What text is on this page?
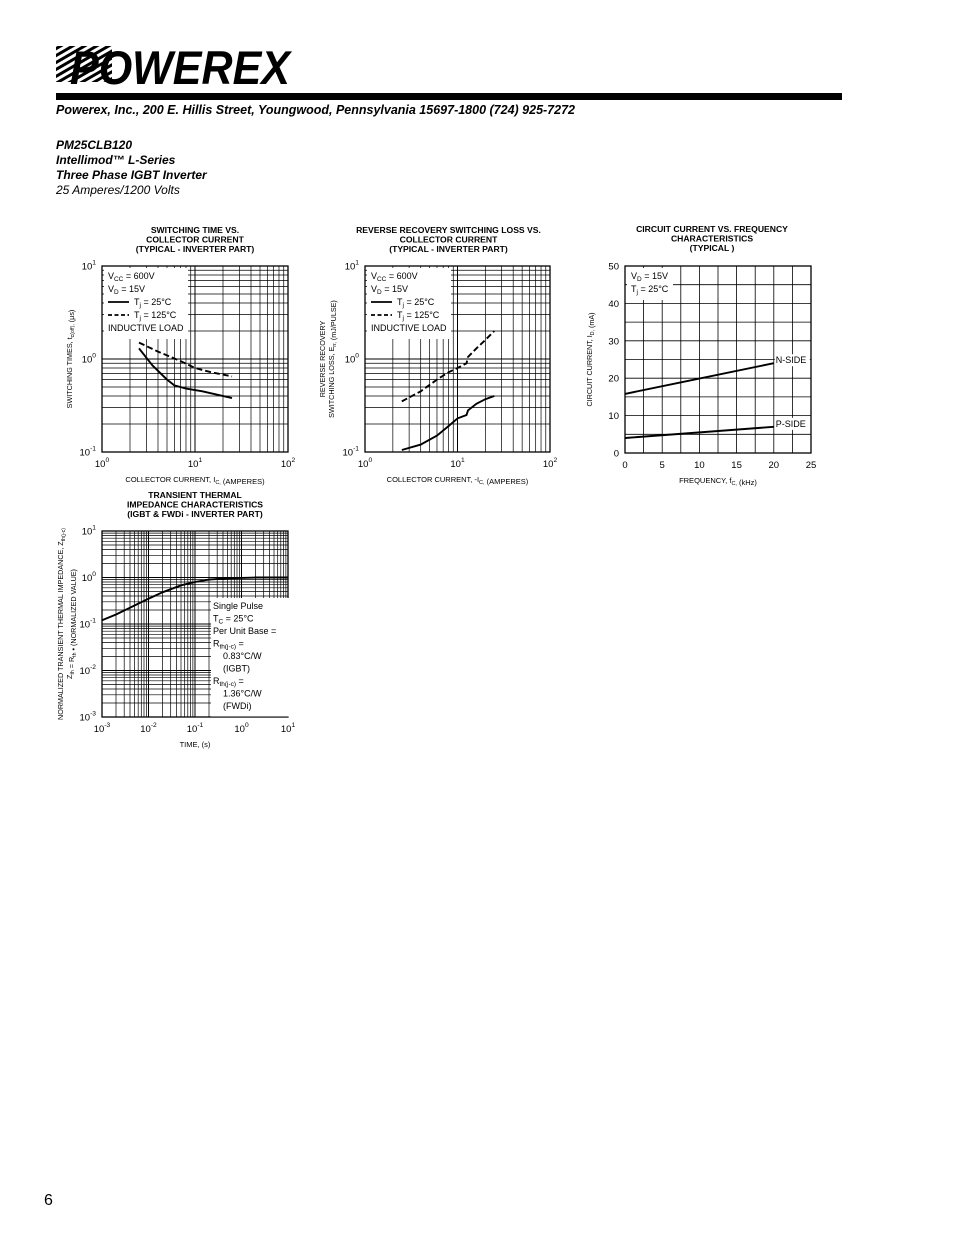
POWEREX
Powerex, Inc., 200 E. Hillis Street, Youngwood, Pennsylvania 15697-1800 (724) 925-7272
PM25CLB120
Intellimod™ L-Series
Three Phase IGBT Inverter
25 Amperes/1200 Volts
SWITCHING TIME VS.
COLLECTOR CURRENT
(TYPICAL - INVERTER PART)
$10^0$	$10^1$	$10^2$
$10^{-1}$
$10^0$
$10^1$
COLLECTOR CURRENT, $I_{C,}$ (AMPERES)
SWITCHING TIMES, $t_{c(off),}$ (μs)
$V_{CC} = 600V$
$V_D = 15V$
$T_j = 25^\circ C$
$T_j = 125^\circ C$
INDUCTIVE LOAD
REVERSE RECOVERY SWITCHING LOSS VS.
COLLECTOR CURRENT
(TYPICAL - INVERTER PART)
$10^0$	$10^1$	$10^2$
$10^{-1}$
$10^0$
$10^1$
COLLECTOR CURRENT, $-I_{C,}$ (AMPERES)
REVERSE RECOVERY SWITCHING LOSS, $E_{rr,}$ (mJ/PULSE)
$V_{CC} = 600V$
$V_D = 15V$
$T_j = 25^\circ C$
$T_j = 125^\circ C$
INDUCTIVE LOAD
CIRCUIT CURRENT VS. FREQUENCY
CHARACTERISTICS
(TYPICAL )
0	5	10	15	20	25
0
10
20
30
40
50
FREQUENCY, $f_{C,}$ (kHz)
CIRCUIT CURRENT, $I_{D,}$ (mA)
$V_D = 15V$
$T_j = 25^\circ C$
N-SIDE
P-SIDE
TRANSIENT THERMAL
IMPEDANCE CHARACTERISTICS
(IGBT & FWDi - INVERTER PART)
$10^{-3}$	$10^{-2}$	$10^{-1}$	$10^0$	$10^1$
$10^{-3}$
$10^{-2}$
$10^{-1}$
$10^0$
$10^1$
TIME, (s)
NORMALIZED TRANSIENT THERMAL IMPEDANCE, $Z_{th(j-c)}$
$Z_{th} = R_{th}$ • (NORMALIZED VALUE)	Single Pulse
$T_C = 25^\circ C$
Per Unit Base =
$R_{th(j-c)}$ =
0.83°C/W
(IGBT)
$R_{th(j-c)}$ =
1.36°C/W
(FWDi)
6
